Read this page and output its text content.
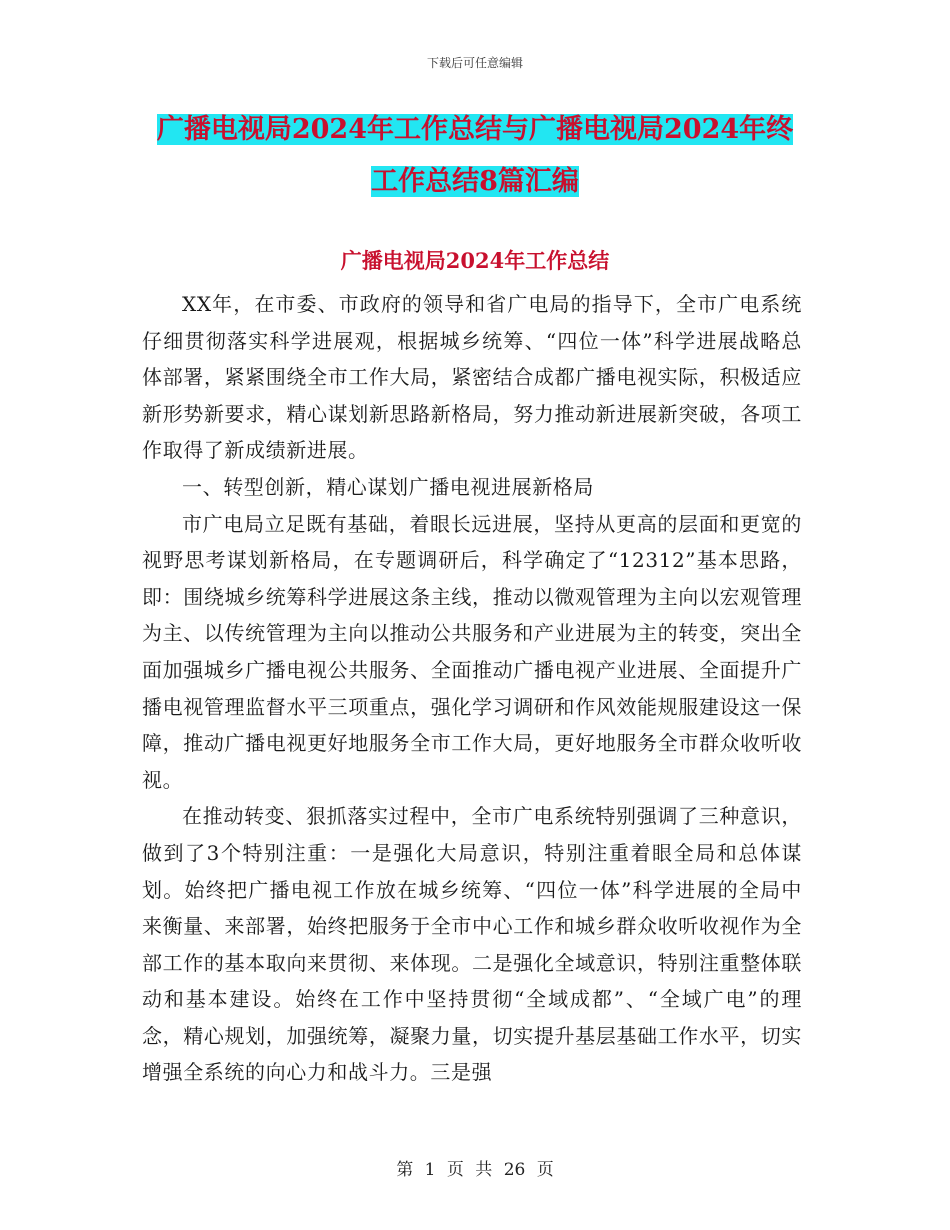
下载后可任意编辑
广播电视局2024年工作总结与广播电视局2024年终
工作总结8篇汇编
广播电视局2024年工作总结

XX年，在市委、市政府的领导和省广电局的指导下，全市广电系统仔细贯彻落实科学进展观，根据城乡统筹、“四位一体”科学进展战略总体部署，紧紧围绕全市工作大局，紧密结合成都广播电视实际，积极适应新形势新要求，精心谋划新思路新格局，努力推动新进展新突破，各项工作取得了新成绩新进展。

一、转型创新，精心谋划广播电视进展新格局

市广电局立足既有基础，着眼长远进展，坚持从更高的层面和更宽的视野思考谋划新格局，在专题调研后，科学确定了“12312”基本思路，即：围绕城乡统筹科学进展这条主线，推动以微观管理为主向以宏观管理为主、以传统管理为主向以推动公共服务和产业进展为主的转变，突出全面加强城乡广播电视公共服务、全面推动广播电视产业进展、全面提升广播电视管理监督水平三项重点，强化学习调研和作风效能规服建设这一保障，推动广播电视更好地服务全市工作大局，更好地服务全市群众收听收视。

在推动转变、狠抓落实过程中，全市广电系统特别强调了三种意识，做到了3个特别注重：一是强化大局意识，特别注重着眼全局和总体谋划。始终把广播电视工作放在城乡统筹、“四位一体”科学进展的全局中来衡量、来部署，始终把服务于全市中心工作和城乡群众收听收视作为全部工作的基本取向来贯彻、来体现。二是强化全域意识，特别注重整体联动和基本建设。始终在工作中坚持贯彻“全域成都”、“全域广电”的理念，精心规划，加强统筹，凝聚力量，切实提升基层基础工作水平，切实增强全系统的向心力和战斗力。三是强

第 1 页 共 26 页
